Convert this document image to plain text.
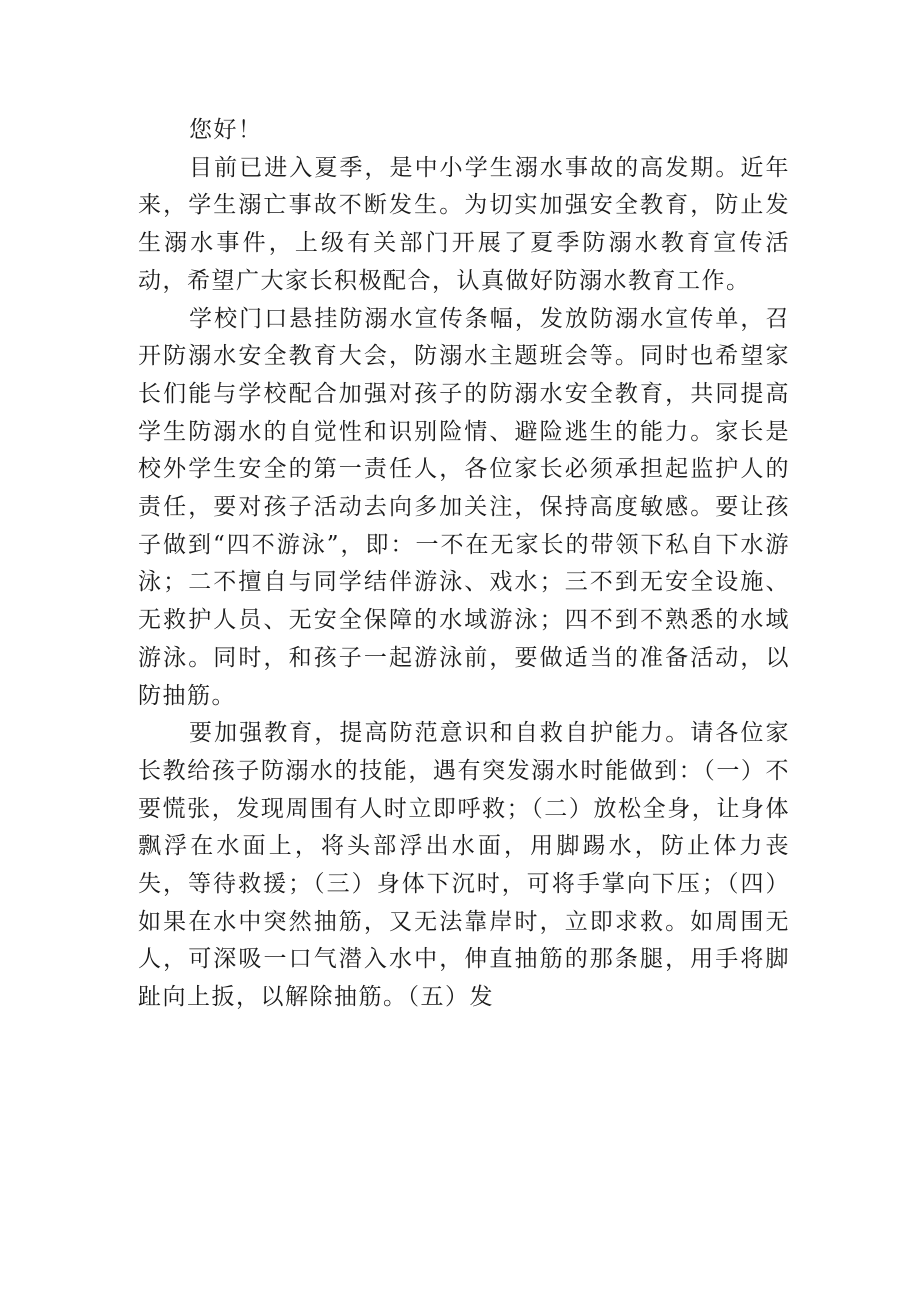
您好！

目前已进入夏季，是中小学生溺水事故的高发期。近年来，学生溺亡事故不断发生。为切实加强安全教育，防止发生溺水事件，上级有关部门开展了夏季防溺水教育宣传活动，希望广大家长积极配合，认真做好防溺水教育工作。

学校门口悬挂防溺水宣传条幅，发放防溺水宣传单，召开防溺水安全教育大会，防溺水主题班会等。同时也希望家长们能与学校配合加强对孩子的防溺水安全教育，共同提高学生防溺水的自觉性和识别险情、避险逃生的能力。家长是校外学生安全的第一责任人，各位家长必须承担起监护人的责任，要对孩子活动去向多加关注，保持高度敏感。要让孩子做到“四不游泳”，即：一不在无家长的带领下私自下水游泳；二不擅自与同学结伴游泳、戏水；三不到无安全设施、无救护人员、无安全保障的水域游泳；四不到不熟悉的水域游泳。同时，和孩子一起游泳前，要做适当的准备活动，以防抽筋。

要加强教育，提高防范意识和自救自护能力。请各位家长教给孩子防溺水的技能，遇有突发溺水时能做到：（一）不要慌张，发现周围有人时立即呼救；（二）放松全身，让身体飘浮在水面上，将头部浮出水面，用脚踢水，防止体力丧失，等待救援；（三）身体下沉时，可将手掌向下压；（四）如果在水中突然抽筋，又无法靠岸时，立即求救。如周围无人，可深吸一口气潜入水中，伸直抽筋的那条腿，用手将脚趾向上扳，以解除抽筋。（五）发
